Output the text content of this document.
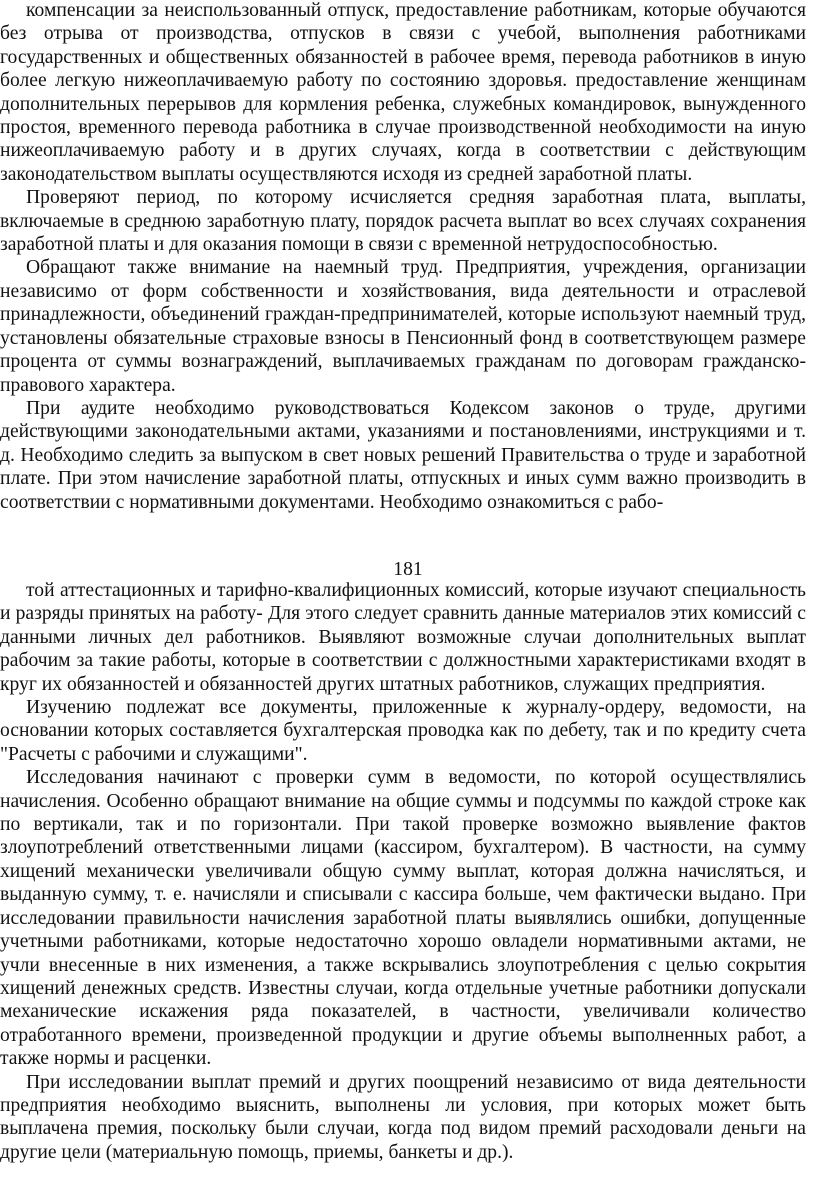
компенсации за неиспользованный отпуск, предоставление работникам, которые обучаются без отрыва от производства, отпусков в связи с учебой, выполнения работниками государственных и общественных обязанностей в рабочее время, перевода работников в иную более легкую нижеоплачиваемую работу по состоянию здоровья. предоставление женщинам дополнительных перерывов для кормления ребенка, служебных командировок, вынужденного простоя, временного перевода работника в случае производственной необходимости на иную нижеоплачиваемую работу и в других случаях, когда в соответствии с действующим законодательством выплаты осуществляются исходя из средней заработной платы.

Проверяют период, по которому исчисляется средняя заработная плата, выплаты, включаемые в среднюю заработную плату, порядок расчета выплат во всех случаях сохранения заработной платы и для оказания помощи в связи с временной нетрудоспособностью.

Обращают также внимание на наемный труд. Предприятия, учреждения, организации независимо от форм собственности и хозяйствования, вида деятельности и отраслевой принадлежности, объединений граждан-предпринимателей, которые используют наемный труд, установлены обязательные страховые взносы в Пенсионный фонд в соответствующем размере процента от суммы вознаграждений, выплачиваемых гражданам по договорам гражданско-правового характера.

При аудите необходимо руководствоваться Кодексом законов о труде, другими действующими законодательными актами, указаниями и постановлениями, инструкциями и т. д. Необходимо следить за выпуском в свет новых решений Правительства о труде и заработной плате. При этом начисление заработной платы, отпускных и иных сумм важно производить в соответствии с нормативными документами. Необходимо ознакомиться с рабо-

181

той аттестационных и тарифно-квалифиционных комиссий, которые изучают специальность и разряды принятых на работу- Для этого следует сравнить данные материалов этих комиссий с данными личных дел работников. Выявляют возможные случаи дополнительных выплат рабочим за такие работы, которые в соответствии с должностными характеристиками входят в круг их обязанностей и обязанностей других штатных работников, служащих предприятия.

Изучению подлежат все документы, приложенные к журналу-ордеру, ведомости, на основании которых составляется бухгалтерская проводка как по дебету, так и по кредиту счета "Расчеты с рабочими и служащими".

Исследования начинают с проверки сумм в ведомости, по которой осуществлялись начисления. Особенно обращают внимание на общие суммы и подсуммы по каждой строке как по вертикали, так и по горизонтали. При такой проверке возможно выявление фактов злоупотреблений ответственными лицами (кассиром, бухгалтером). В частности, на сумму хищений механически увеличивали общую сумму выплат, которая должна начисляться, и выданную сумму, т. е. начисляли и списывали с кассира больше, чем фактически выдано. При исследовании правильности начисления заработной платы выявлялись ошибки, допущенные учетными работниками, которые недостаточно хорошо овладели нормативными актами, не учли внесенные в них изменения, а также вскрывались злоупотребления с целью сокрытия хищений денежных средств. Известны случаи, когда отдельные учетные работники допускали механические искажения ряда показателей, в частности, увеличивали количество отработанного времени, произведенной продукции и другие объемы выполненных работ, а также нормы и расценки.

При исследовании выплат премий и других поощрений независимо от вида деятельности предприятия необходимо выяснить, выполнены ли условия, при которых может быть выплачена премия, поскольку были случаи, когда под видом премий расходовали деньги на другие цели (материальную помощь, приемы, банкеты и др.).
